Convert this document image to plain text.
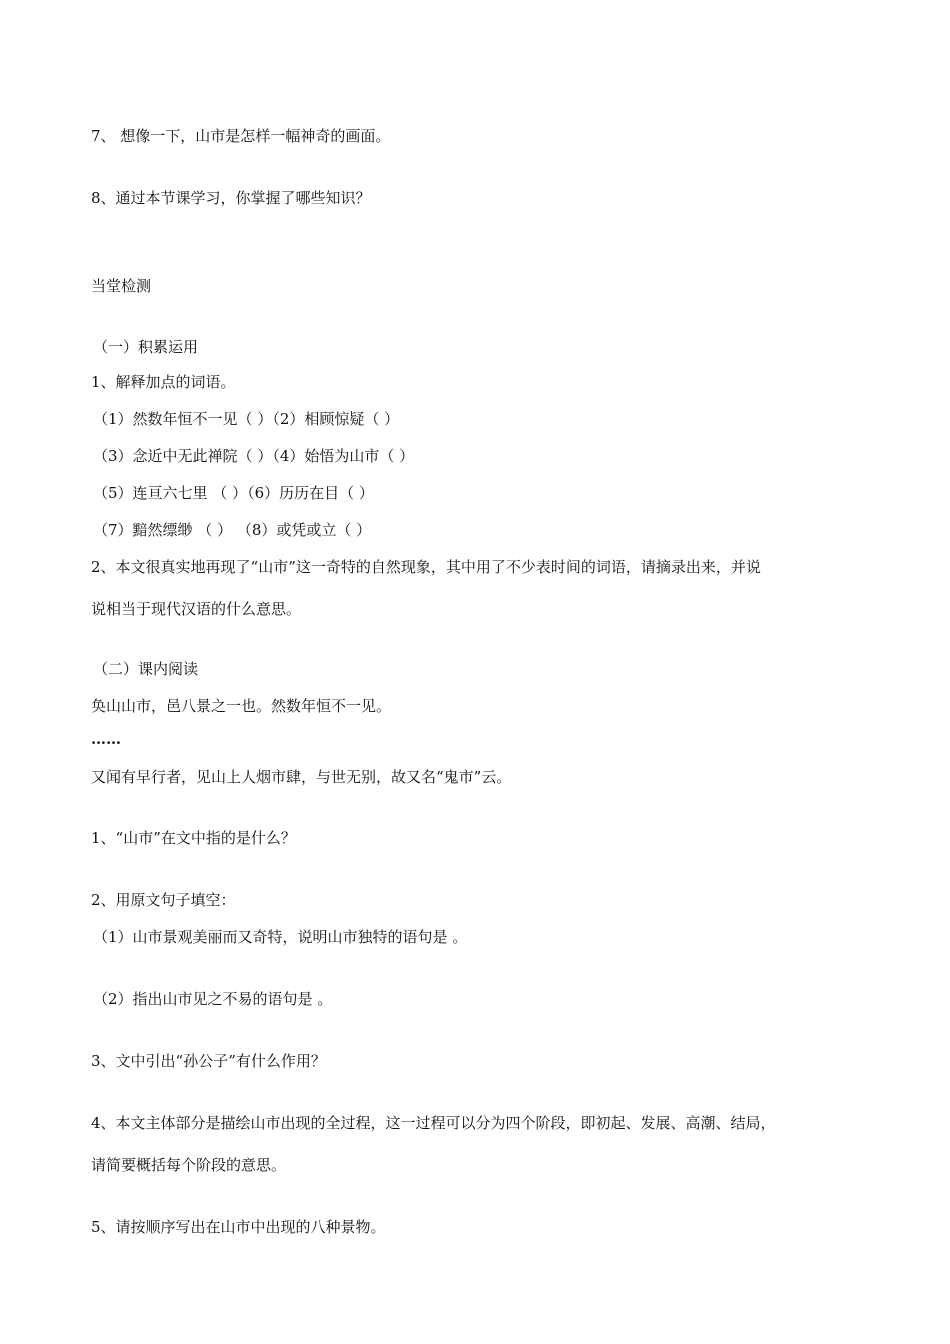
7、 想像一下，山市是怎样一幅神奇的画面。
8、通过本节课学习，你掌握了哪些知识？
当堂检测
（一）积累运用
1、解释加点的词语。
（1）然数年恒不一见（ ）（2）相顾惊疑（ ）
（3）念近中无此禅院（ ）（4）始悟为山市（ ）
（5）连亘六七里 （ ）（6）历历在目（ ）
（7）黯然缥缈 （ ） （8）或凭或立（ ）
2、本文很真实地再现了“山市”这一奇特的自然现象，其中用了不少表时间的词语，请摘录出来，并说
说相当于现代汉语的什么意思。
（二）课内阅读
奂山山市，邑八景之一也。然数年恒不一见。
……
又闻有早行者，见山上人烟市肆，与世无别，故又名“鬼市”云。
1、“山市”在文中指的是什么？
2、用原文句子填空：
（1）山市景观美丽而又奇特，说明山市独特的语句是 。
（2）指出山市见之不易的语句是 。
3、文中引出“孙公子”有什么作用？
4、本文主体部分是描绘山市出现的全过程，这一过程可以分为四个阶段，即初起、发展、高潮、结局，
请简要概括每个阶段的意思。
5、请按顺序写出在山市中出现的八种景物。
